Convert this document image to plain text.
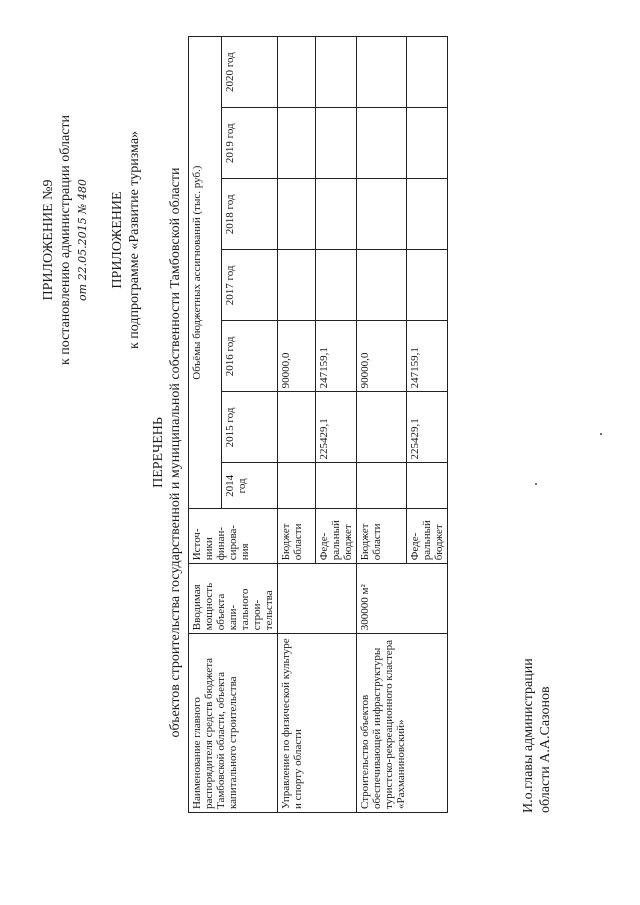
ПРИЛОЖЕНИЕ №9 к постановлению администрации области от 22.05.2015 № 480 ПРИЛОЖЕНИЕ к подпрограмме «Развитие туризма»
ПЕРЕЧЕНЬ объектов строительства государственной и муниципальной собственности Тамбовской области
Наименование главного распорядителя средств бюджета Тамбовской области, объекта капитального строительства	Вводимая мощность объекта капи-тального строи-тельства	Источ-ники финан-сирова-ния	Объёмы бюджетных ассигнований (тыс. руб.)						
			2014 год	2015 год	2016 год	2017 год	2018 год	2019 год	2020 год
Управление по физической культуре и спорту области		Бюджет области			90000,0				
		Феде-ральный бюджет		225429,1	247159,1				
Строительство объектов обеспечивающей инфраструктуры туристско-рекреационного кластера «Рахманиновский»	300000 м²	Бюджет области			90000,0				
		Феде-ральный бюджет		225429,1	247159,1				
И.о.главы администрации области А.А.Сазонов
